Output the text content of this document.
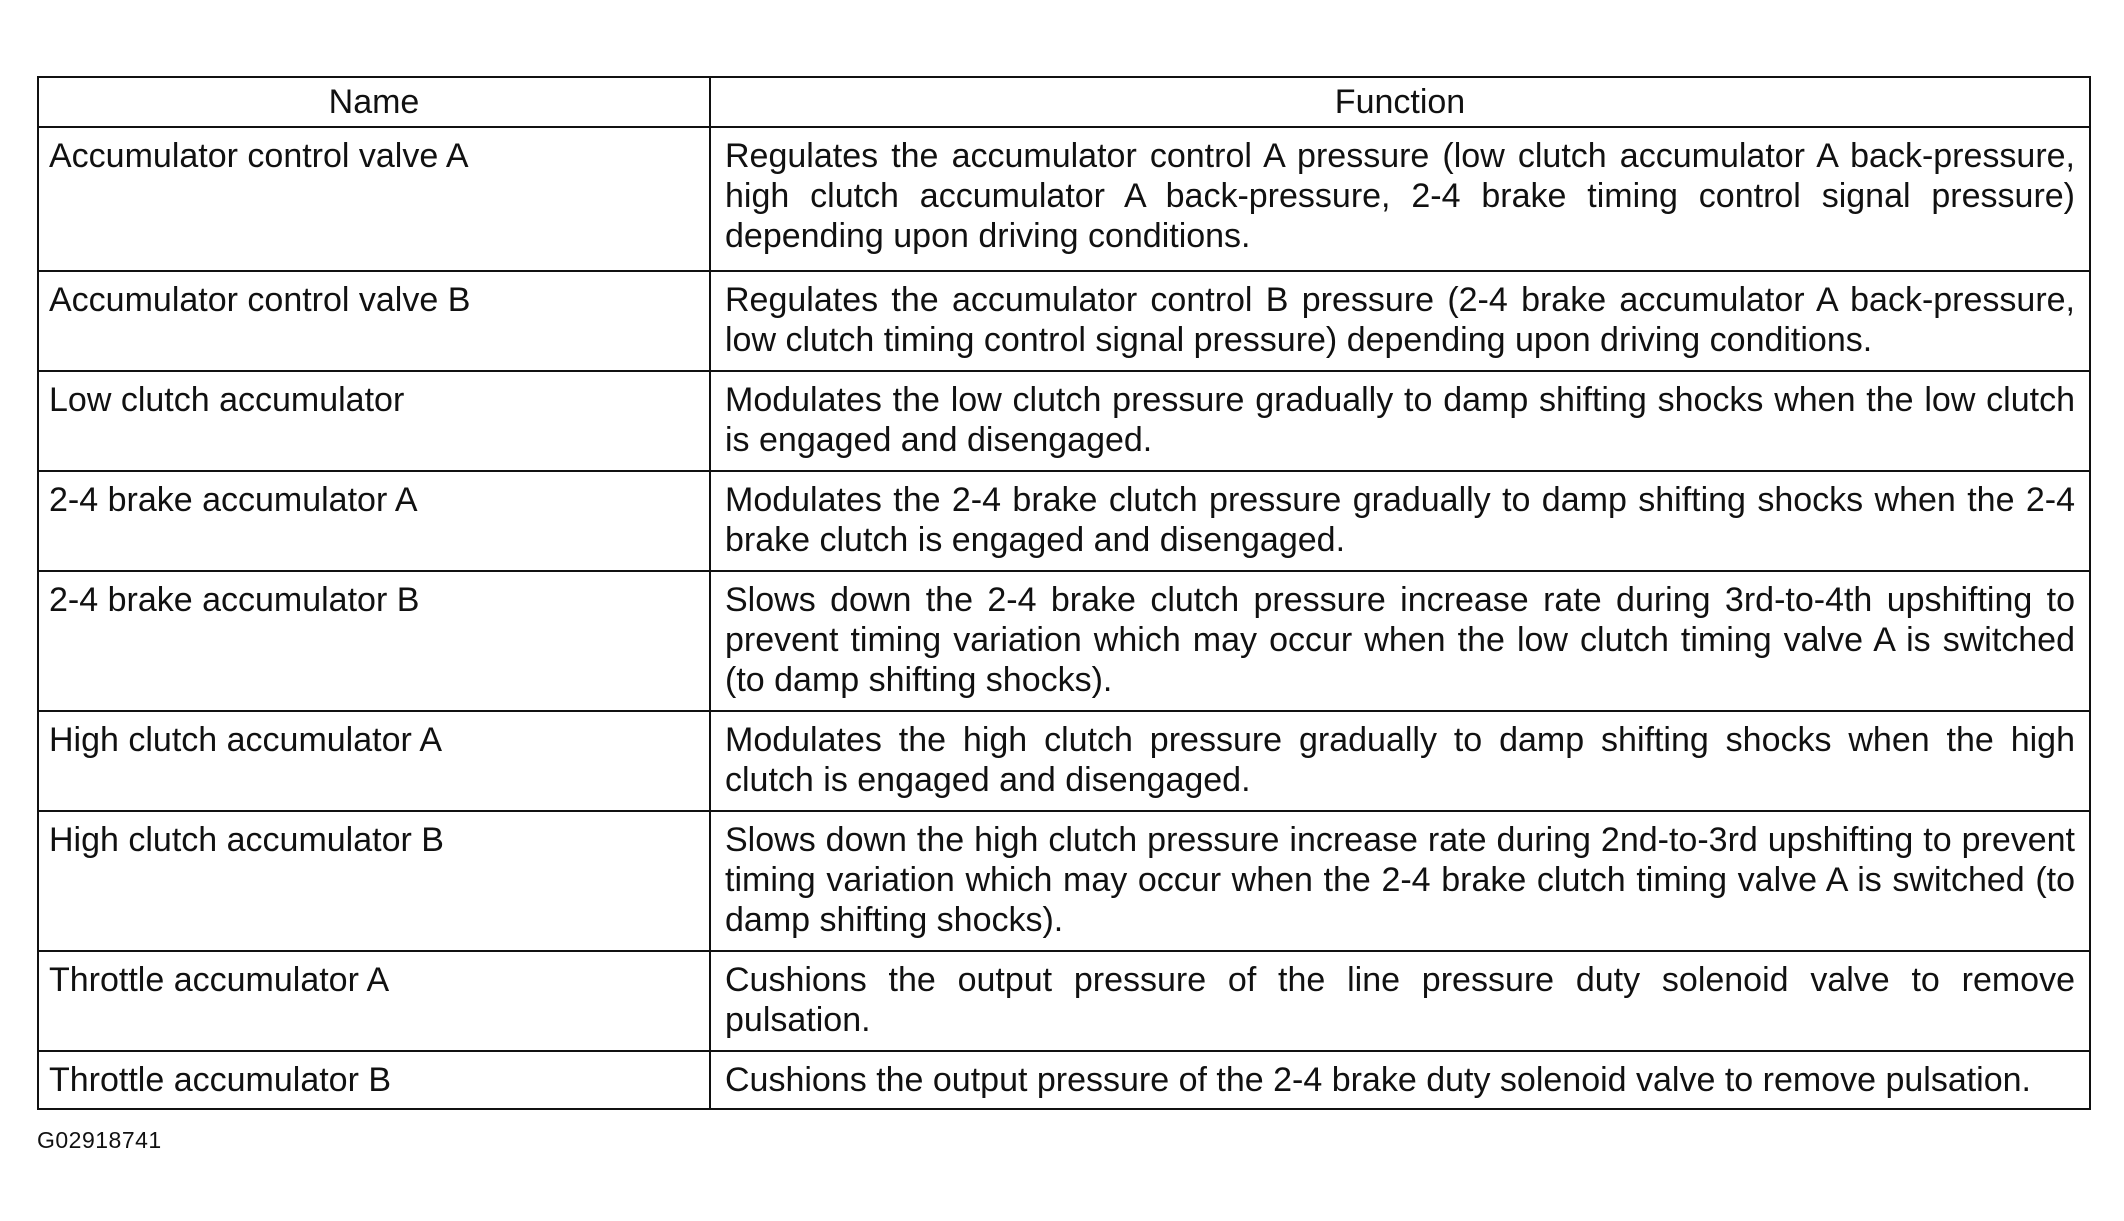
Name	Function
Accumulator control valve A	Regulates the accumulator control A pressure (low clutch accumulator A back-pressure, high clutch accumulator A back-pressure, 2-4 brake timing control signal pressure) depending upon driving conditions.

Accumulator control valve B	Regulates the accumulator control B pressure (2-4 brake accumulator A back-pressure, low clutch timing control signal pressure) depending upon driving conditions.

Low clutch accumulator	Modulates the low clutch pressure gradually to damp shifting shocks when the low clutch is engaged and disengaged.

2-4 brake accumulator A	Modulates the 2-4 brake clutch pressure gradually to damp shifting shocks when the 2-4 brake clutch is engaged and disengaged.

2-4 brake accumulator B	Slows down the 2-4 brake clutch pressure increase rate during 3rd-to-4th upshifting to prevent timing variation which may occur when the low clutch timing valve A is switched (to damp shifting shocks).

High clutch accumulator A	Modulates the high clutch pressure gradually to damp shifting shocks when the high clutch is engaged and disengaged.

High clutch accumulator B	Slows down the high clutch pressure increase rate during 2nd-to-3rd upshifting to prevent timing variation which may occur when the 2-4 brake clutch timing valve A is switched (to damp shifting shocks).

Throttle accumulator A	Cushions the output pressure of the line pressure duty solenoid valve to remove pulsation.

Throttle accumulator B	Cushions the output pressure of the 2-4 brake duty solenoid valve to remove pulsation.
G02918741
